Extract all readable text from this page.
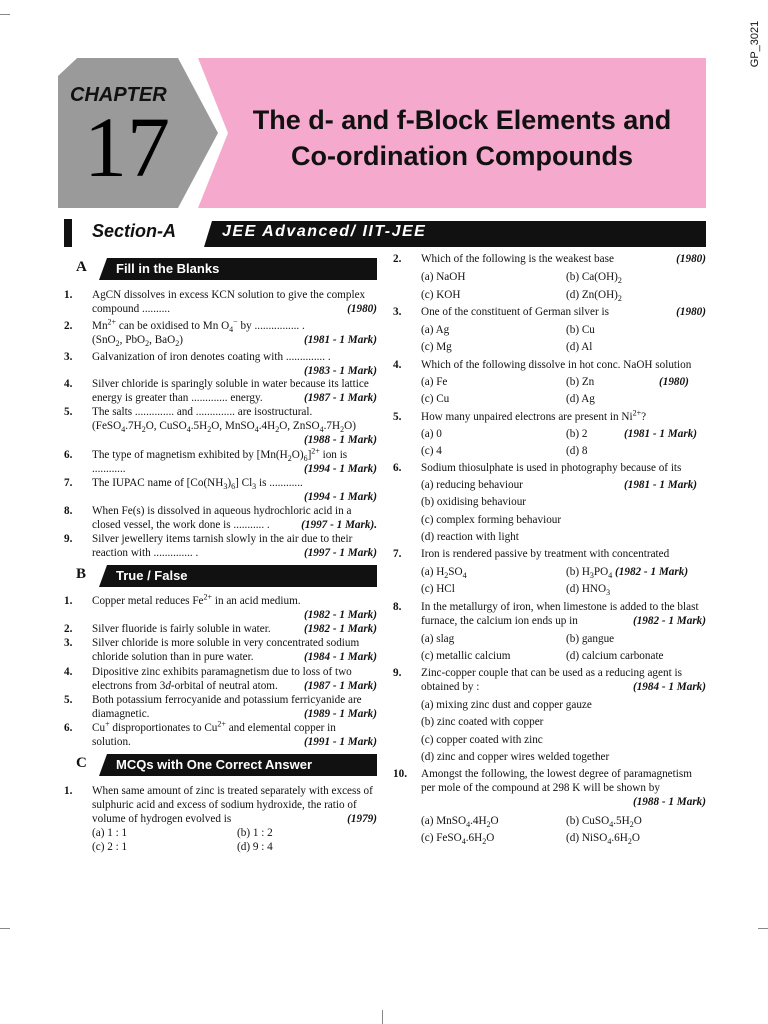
GP_3021
CHAPTER
17	The d- and f-Block Elements and
Co-ordination Compounds
Section-A	JEE Advanced/ IIT-JEE
A Fill in the Blanks
1. AgCN dissolves in excess KCN solution to give the complex compound ..........	(1980)
2. $Mn^{2+}$ can be oxidised to Mn $O_4^-$ by ................ .
(SnO$_2$, PbO$_2$, BaO$_2$)	(1981 - 1 Mark)
3. Galvanization of iron denotes coating with .............. .

(1983 - 1 Mark)
4. Silver chloride is sparingly soluble in water because its lattice energy is greater than ............. energy.	(1987 - 1 Mark)
5. The salts .............. and .............. are isostructural.
($FeSO_4.7H_2O$, $CuSO_4.5H_2O$, $MnSO_4.4H_2O$, $ZnSO_4.7H_2O$)

(1988 - 1 Mark)
6. The type of magnetism exhibited by $[Mn(H_2O)_6]^{2+}$ ion is ............	(1994 - 1 Mark)
7. The IUPAC name of $[Co(NH_3)_6]$ $Cl_3$ is ............

(1994 - 1 Mark)
8. When Fe(s) is dissolved in aqueous hydrochloric acid in a closed vessel, the work done is ........... .	(1997 - 1 Mark).
9. Silver jewellery items tarnish slowly in the air due to their reaction with .............. .	(1997 - 1 Mark)
B True / False
1. Copper metal reduces $Fe^{2+}$ in an acid medium.

(1982 - 1 Mark)
2. Silver fluoride is fairly soluble in water.	(1982 - 1 Mark)
3. Silver chloride is more soluble in very concentrated sodium chloride solution than in pure water.	(1984 - 1 Mark)
4. Dipositive zinc exhibits paramagnetism due to loss of two electrons from 3d-orbital of neutral atom. (1987 - 1 Mark)
5. Both potassium ferrocyanide and potassium ferricyanide are diamagnetic.	(1989 - 1 Mark)
6. Cu+ disproportionates to $Cu^{2+}$ and elemental copper in solution.	(1991 - 1 Mark)
C MCQs with One Correct Answer
1. When same amount of zinc is treated separately with excess of sulphuric acid and excess of sodium hydroxide, the ratio of volume of hydrogen evolved is	(1979)
(a) 1 : 1	(b) 1 : 2
(c) 2 : 1	(d) 9 : 4
2. Which of the following is the weakest base	(1980)
(a) NaOH	(b) $Ca(OH)_2$
(c) KOH	(d) $Zn(OH)_2$
3. One of the constituent of German silver is	(1980)
(a) Ag	(b) Cu
(c) Mg	(d) Al
4. Which of the following dissolve in hot conc. NaOH solution
(a) Fe	(b) Zn	(1980)
(c) Cu	(d) Ag
5. How many unpaired electrons are present in $Ni^{2+}$?
(a) 0	(b) 2	(1981 - 1 Mark)
(c) 4	(d) 8
6. Sodium thiosulphate is used in photography because of its
(a) reducing behaviour	(1981 - 1 Mark)
(b) oxidising behaviour
(c) complex forming behaviour
(d) reaction with light
7. Iron is rendered passive by treatment with concentrated
(a) $H_2SO_4$	(b) $H_3PO_4$ (1982 - 1 Mark)
(c) HCl	(d) $HNO_3$
8. In the metallurgy of iron, when limestone is added to the blast furnace, the calcium ion ends up in	(1982 - 1 Mark)
(a) slag	(b) gangue
(c) metallic calcium	(d) calcium carbonate
9. Zinc-copper couple that can be used as a reducing agent is obtained by :	(1984 - 1 Mark)
(a) mixing zinc dust and copper gauze
(b) zinc coated with copper
(c) copper coated with zinc
(d) zinc and copper wires welded together
10. Amongst the following, the lowest degree of paramagnetism per mole of the compound at 298 K will be shown by

(1988 - 1 Mark)
(a) $MnSO_4.4H_2O$	(b) $CuSO_4.5H_2O$
(c) $FeSO_4.6H_2O$	(d) $NiSO_4.6H_2O$
